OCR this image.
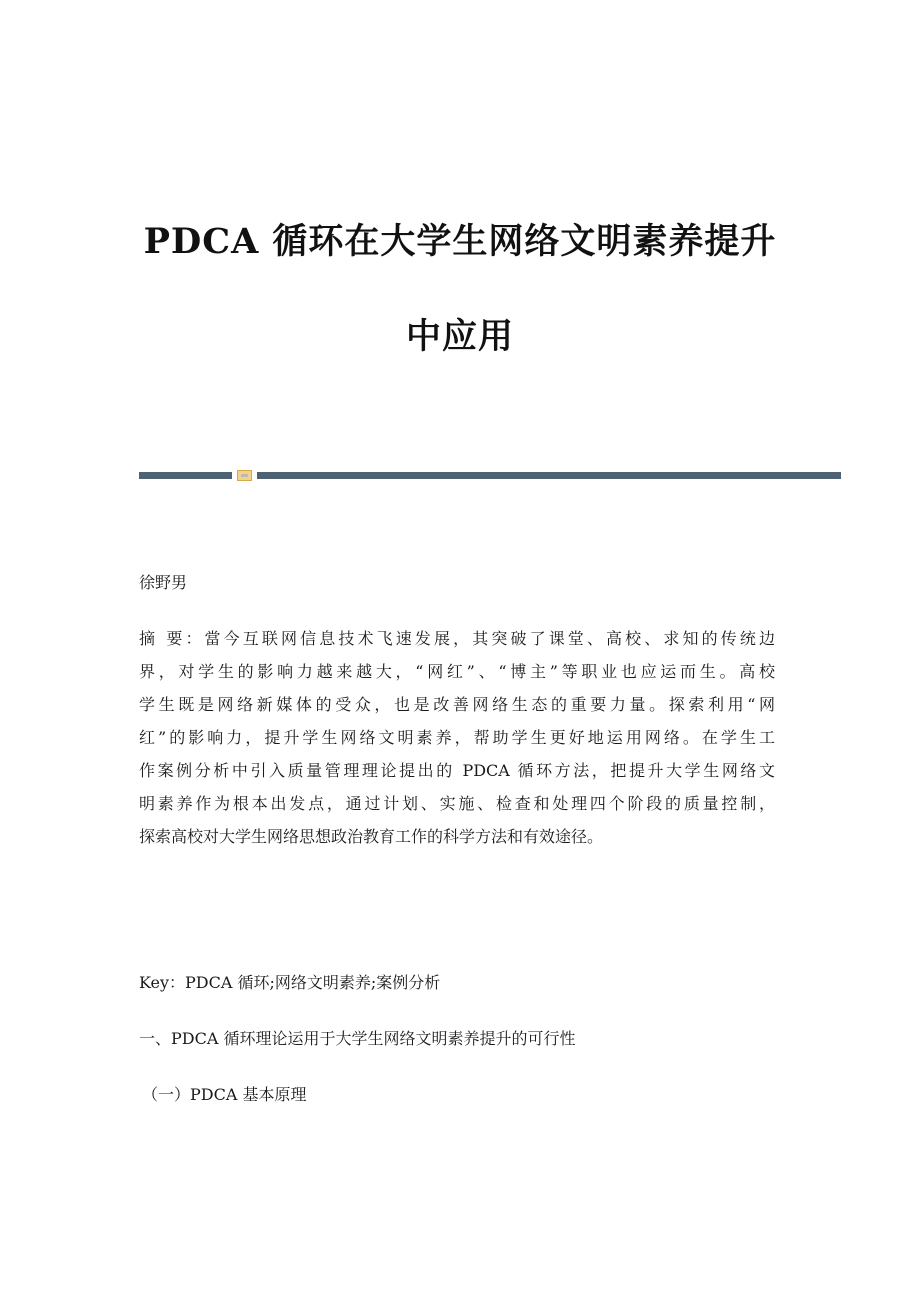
PDCA 循环在大学生网络文明素养提升
中应用

徐野男

摘 要：當今互联网信息技术飞速发展，其突破了课堂、高校、求知的传统边
界，对学生的影响力越来越大，“网红”、“博主”等职业也应运而生。高校
学生既是网络新媒体的受众，也是改善网络生态的重要力量。探索利用“网
红”的影响力，提升学生网络文明素养，帮助学生更好地运用网络。在学生工
作案例分析中引入质量管理理论提出的 PDCA 循环方法，把提升大学生网络文
明素养作为根本出发点，通过计划、实施、检查和处理四个阶段的质量控制，
探索高校对大学生网络思想政治教育工作的科学方法和有效途径。

Key：PDCA 循环;网络文明素养;案例分析

一、PDCA 循环理论运用于大学生网络文明素养提升的可行性

（一）PDCA 基本原理
